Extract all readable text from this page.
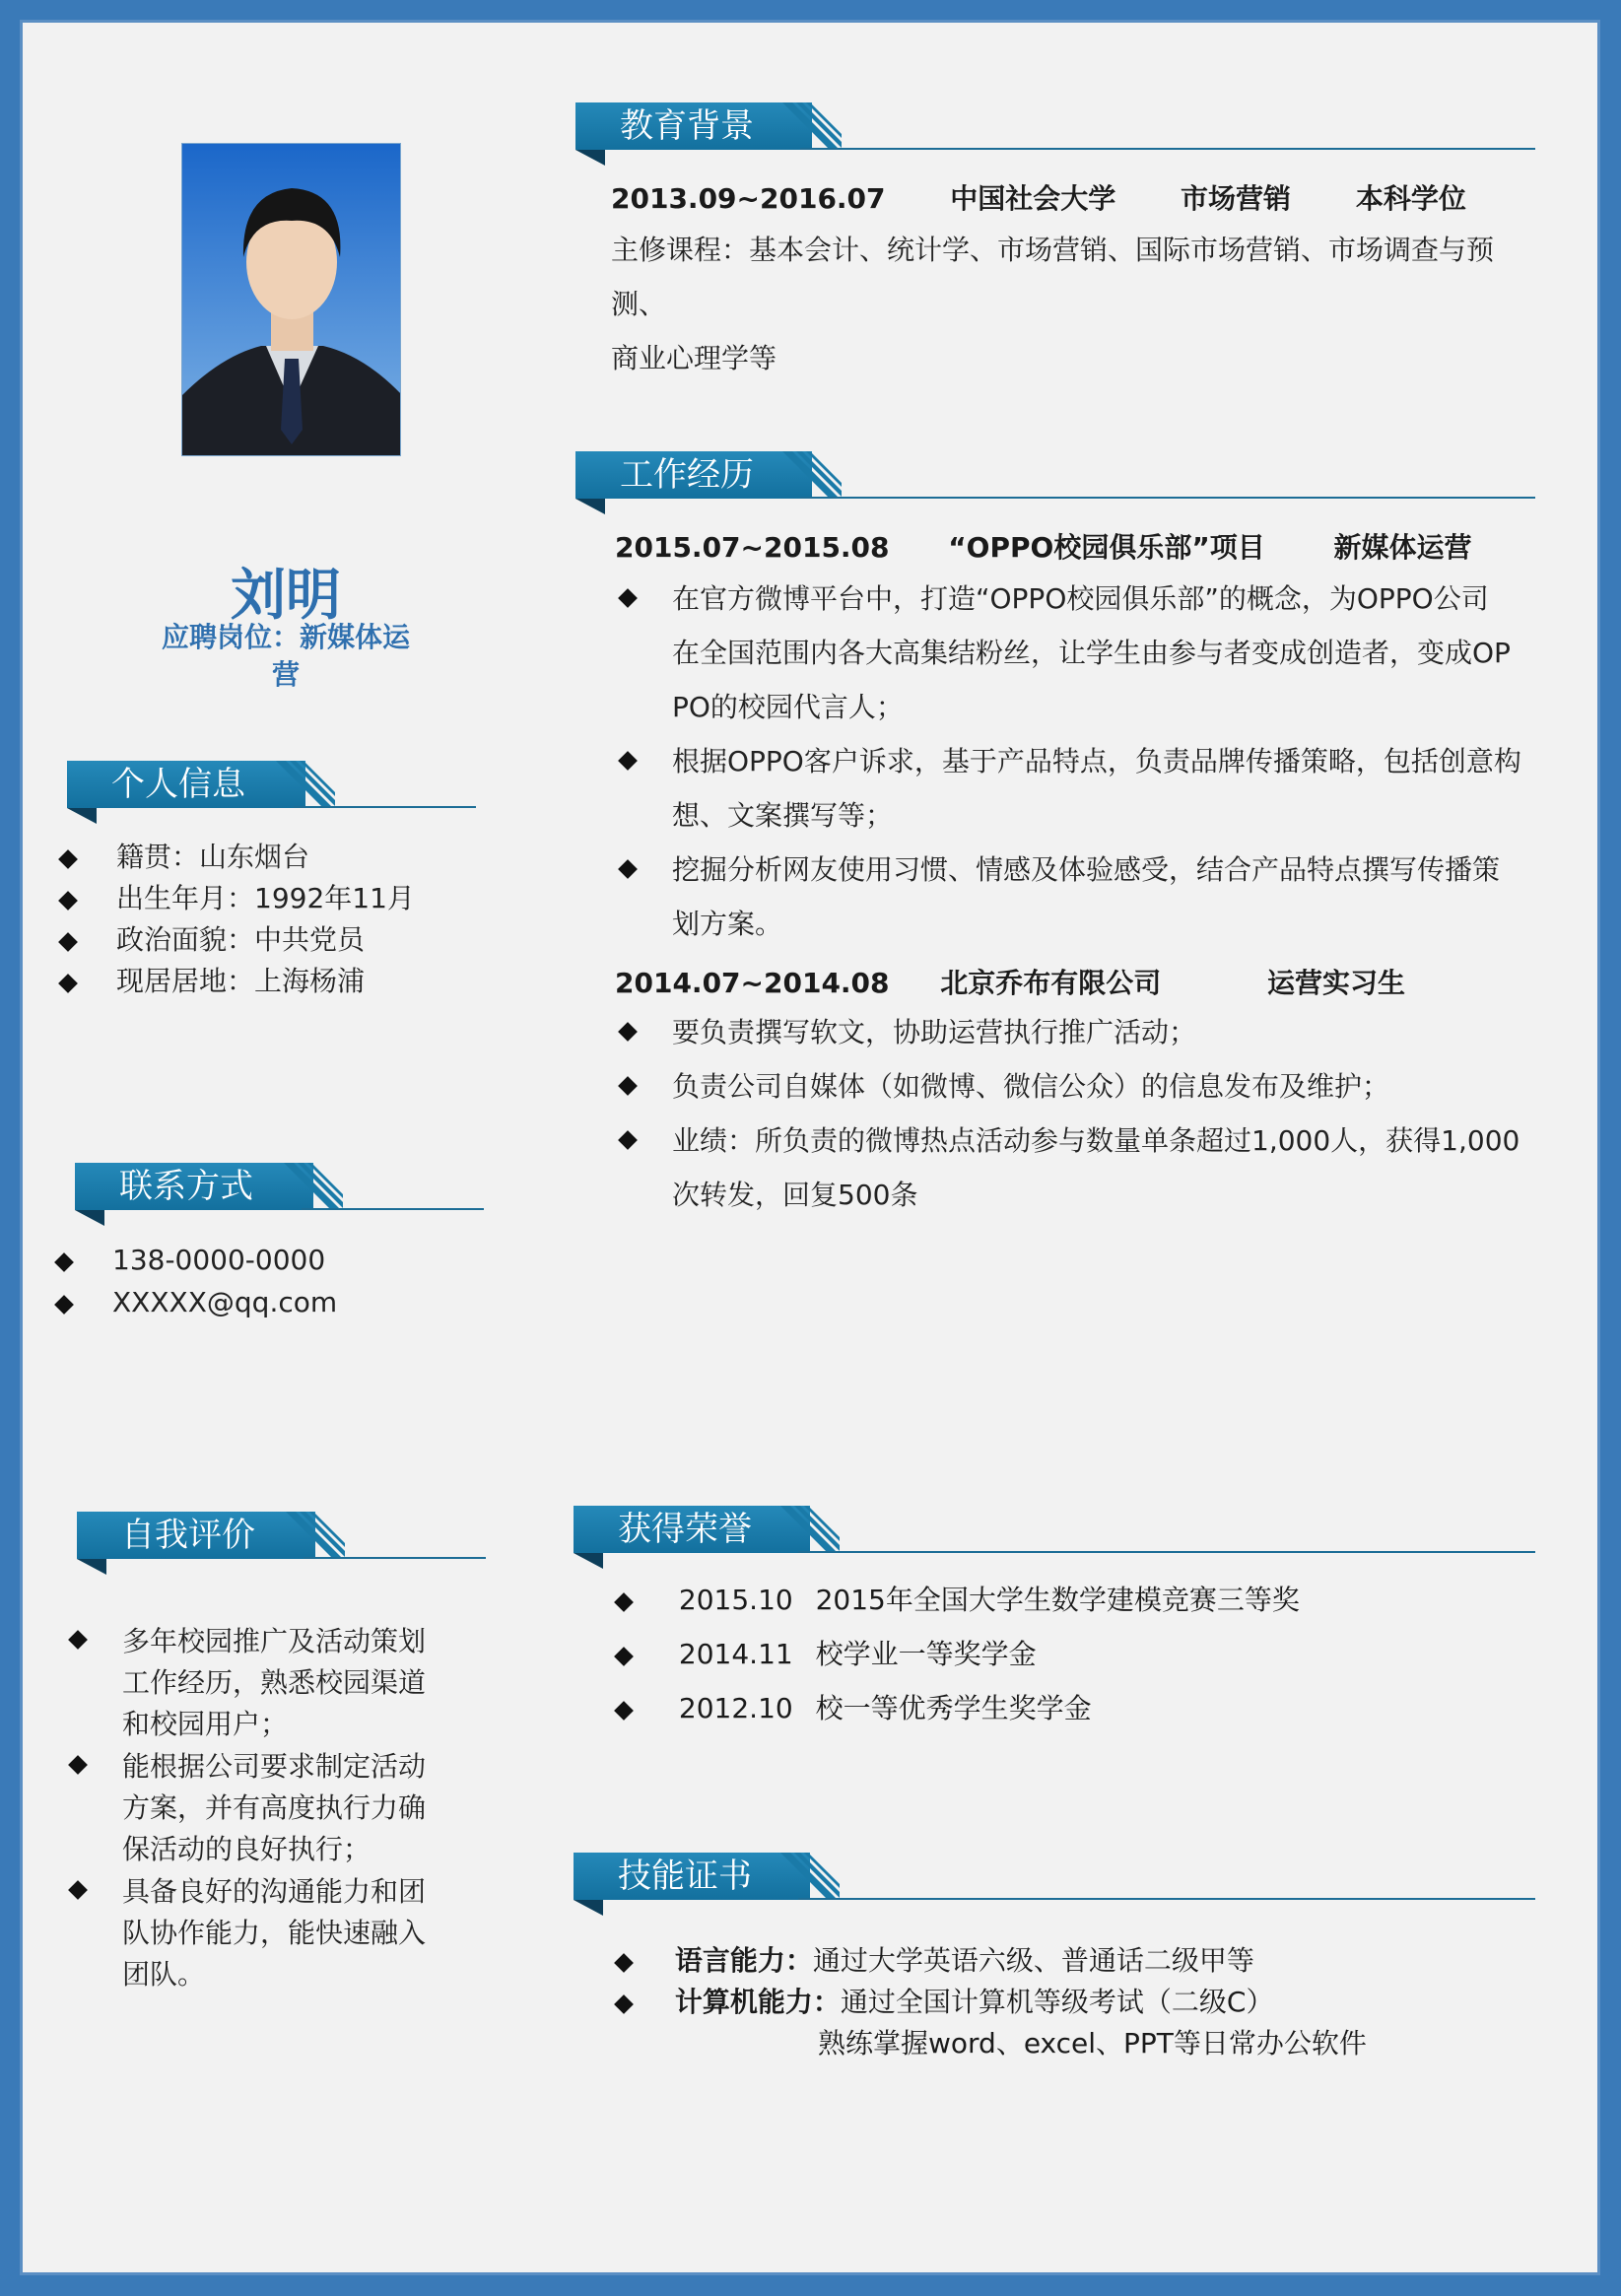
刘明
应聘岗位：新媒体运
营
个人信息
籍贯：山东烟台
出生年月：1992年11月
政治面貌：中共党员
现居居地：上海杨浦
联系方式
138-0000-0000
XXXXX@qq.com
自我评价
多年校园推广及活动策划
工作经历，熟悉校园渠道
和校园用户；
能根据公司要求制定活动
方案，并有高度执行力确
保活动的良好执行；
具备良好的沟通能力和团
队协作能力，能快速融入
团队。
教育背景
2013.09~2016.07 中国社会大学 市场营销 本科学位
主修课程：基本会计、统计学、市场营销、国际市场营销、市场调查与预测、
商业心理学等
工作经历
2015.07~2015.08 “OPPO校园俱乐部”项目 新媒体运营
在官方微博平台中，打造“OPPO校园俱乐部”的概念，为OPPO公司
在全国范围内各大高集结粉丝，让学生由参与者变成创造者，变成OP
PO的校园代言人；
根据OPPO客户诉求，基于产品特点，负责品牌传播策略，包括创意构
想、文案撰写等；
挖掘分析网友使用习惯、情感及体验感受，结合产品特点撰写传播策
划方案。
2014.07~2014.08 北京乔布有限公司	运营实习生
要负责撰写软文，协助运营执行推广活动；
负责公司自媒体（如微博、微信公众）的信息发布及维护；
业绩：所负责的微博热点活动参与数量单条超过1,000人，获得1,000
次转发，回复500条
获得荣誉
2015.10 2015年全国大学生数学建模竞赛三等奖
2014.11 校学业一等奖学金
2012.10 校一等优秀学生奖学金
技能证书
语言能力：通过大学英语六级、普通话二级甲等
计算机能力：通过全国计算机等级考试（二级C）
熟练掌握word、excel、PPT等日常办公软件
